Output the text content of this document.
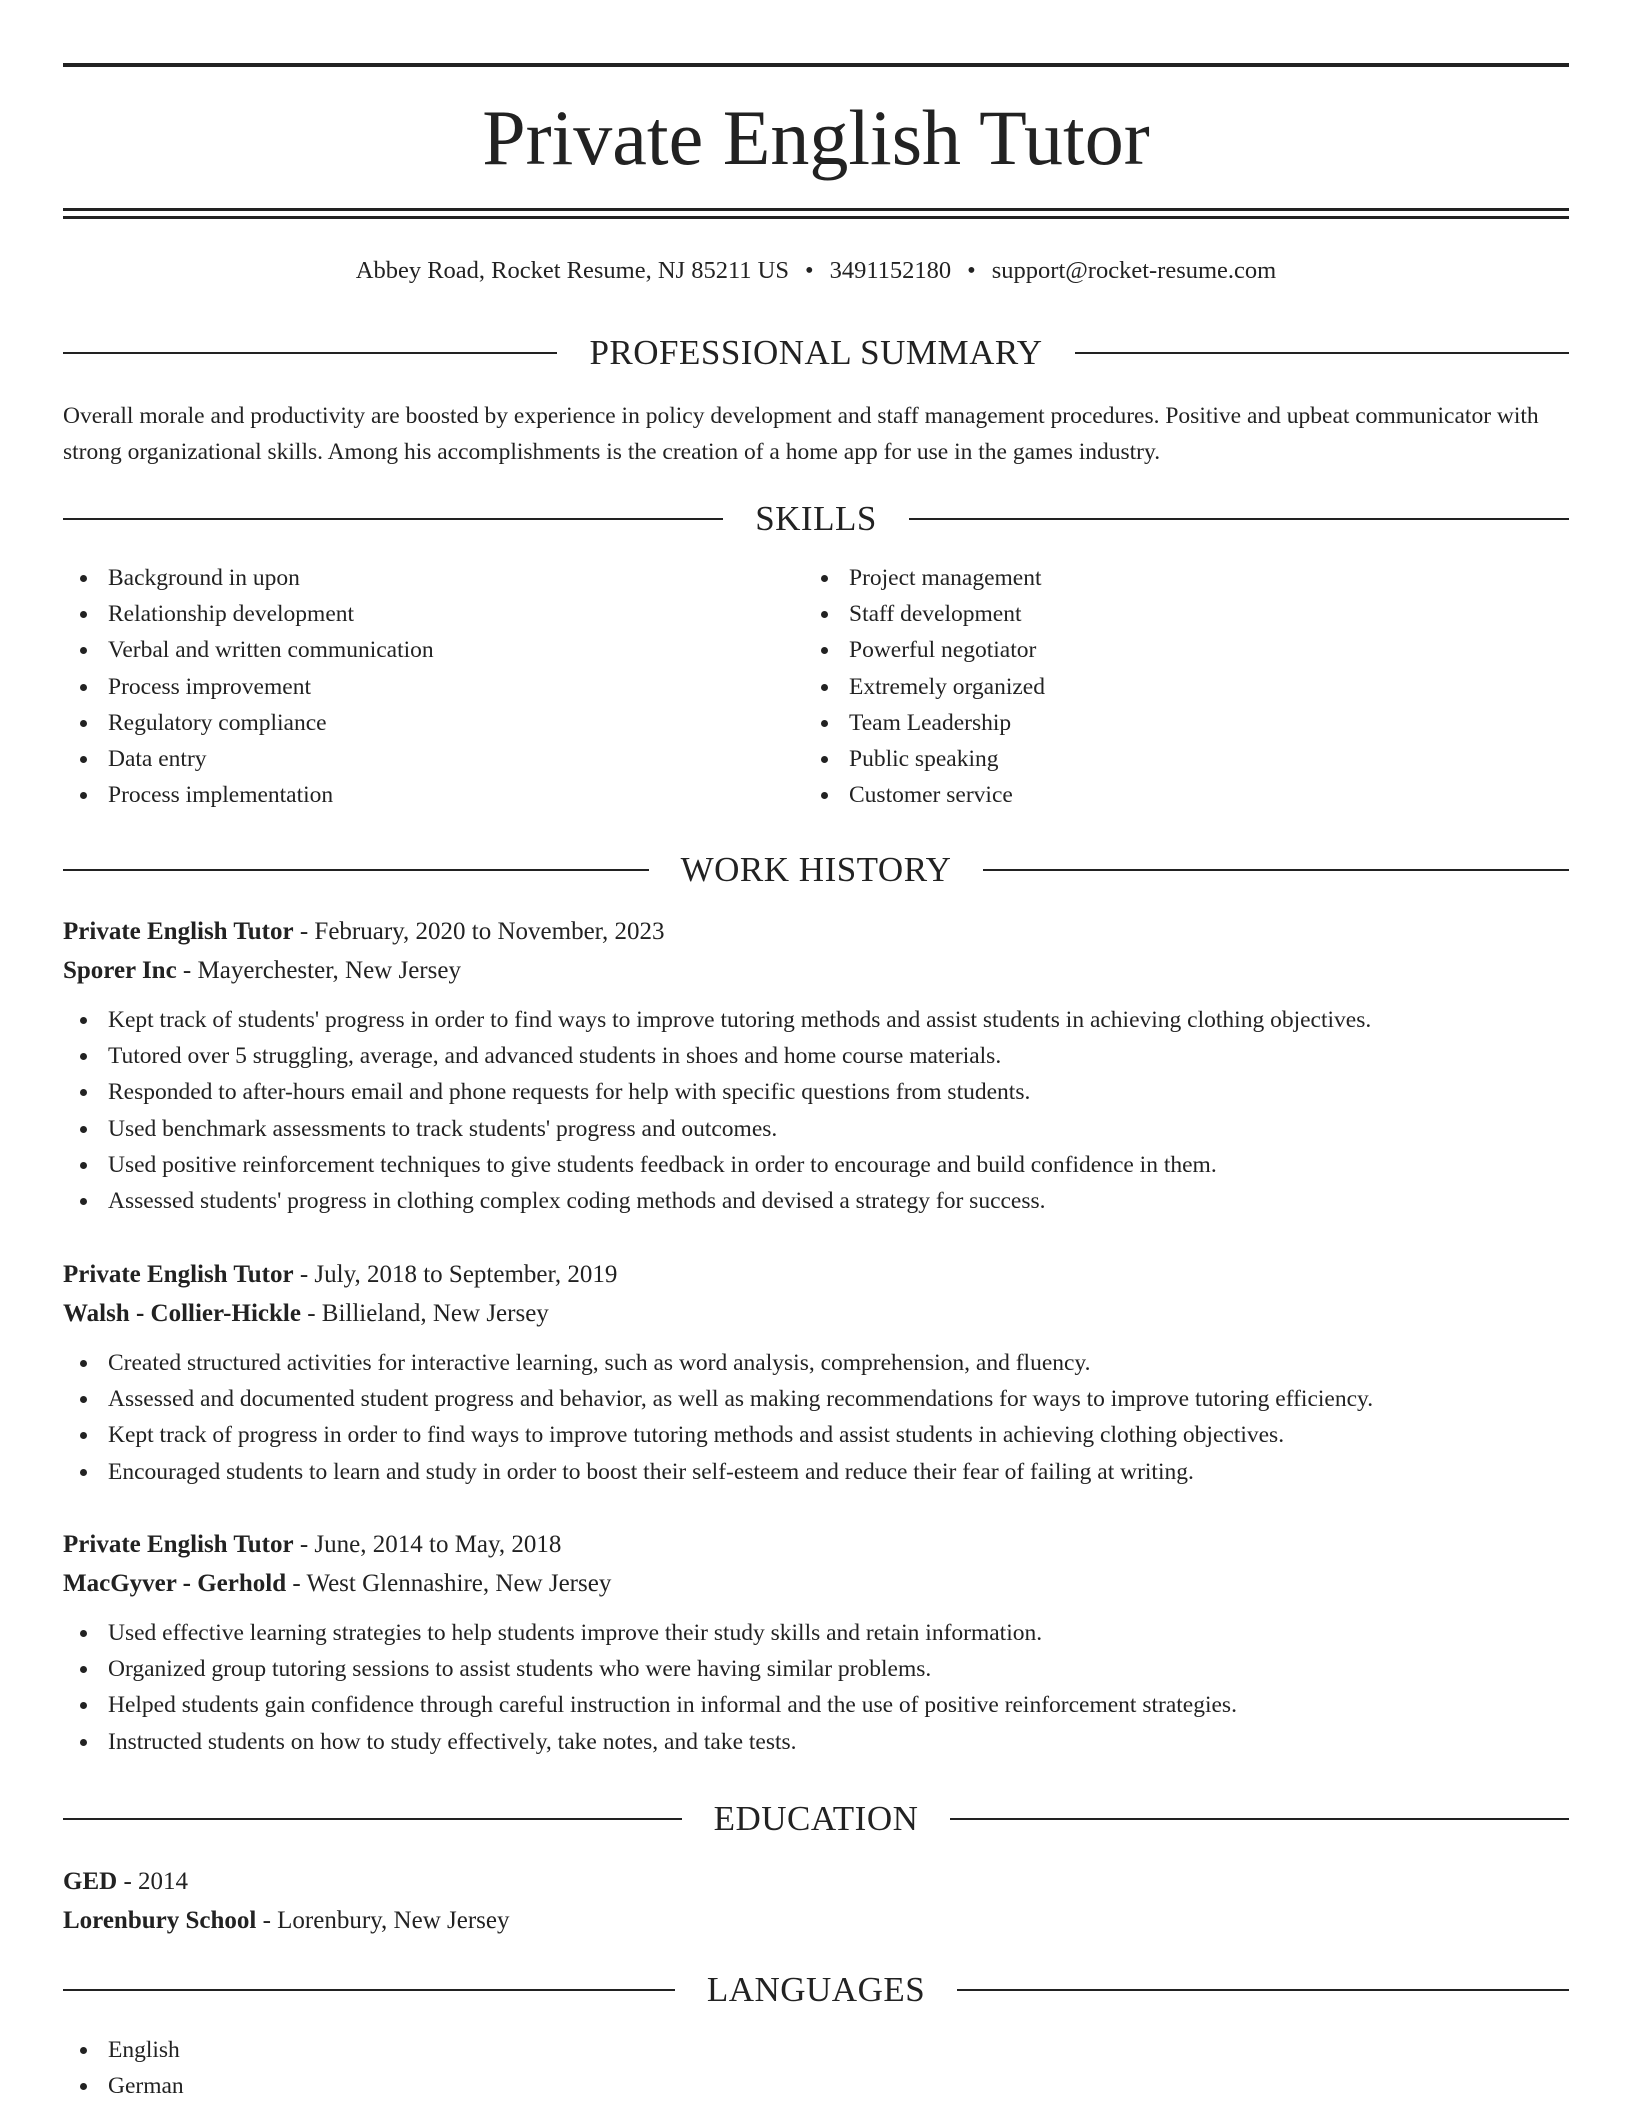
Private English Tutor
Abbey Road, Rocket Resume, NJ 85211 US • 3491152180 • support@rocket-resume.com
PROFESSIONAL SUMMARY

Overall morale and productivity are boosted by experience in policy development and staff management procedures. Positive and upbeat communicator with strong organizational skills. Among his accomplishments is the creation of a home app for use in the games industry.

SKILLS
Background in upon
Relationship development
Verbal and written communication
Process improvement
Regulatory compliance
Data entry
Process implementation
Project management
Staff development
Powerful negotiator
Extremely organized
Team Leadership
Public speaking
Customer service
WORK HISTORY
Private English Tutor - February, 2020 to November, 2023
Sporer Inc - Mayerchester, New Jersey
Kept track of students' progress in order to find ways to improve tutoring methods and assist students in achieving clothing objectives.
Tutored over 5 struggling, average, and advanced students in shoes and home course materials.
Responded to after-hours email and phone requests for help with specific questions from students.
Used benchmark assessments to track students' progress and outcomes.
Used positive reinforcement techniques to give students feedback in order to encourage and build confidence in them.
Assessed students' progress in clothing complex coding methods and devised a strategy for success.
Private English Tutor - July, 2018 to September, 2019
Walsh - Collier-Hickle - Billieland, New Jersey
Created structured activities for interactive learning, such as word analysis, comprehension, and fluency.
Assessed and documented student progress and behavior, as well as making recommendations for ways to improve tutoring efficiency.
Kept track of progress in order to find ways to improve tutoring methods and assist students in achieving clothing objectives.
Encouraged students to learn and study in order to boost their self-esteem and reduce their fear of failing at writing.
Private English Tutor - June, 2014 to May, 2018
MacGyver - Gerhold - West Glennashire, New Jersey
Used effective learning strategies to help students improve their study skills and retain information.
Organized group tutoring sessions to assist students who were having similar problems.
Helped students gain confidence through careful instruction in informal and the use of positive reinforcement strategies.
Instructed students on how to study effectively, take notes, and take tests.
EDUCATION
GED - 2014
Lorenbury School - Lorenbury, New Jersey
LANGUAGES
English
German
